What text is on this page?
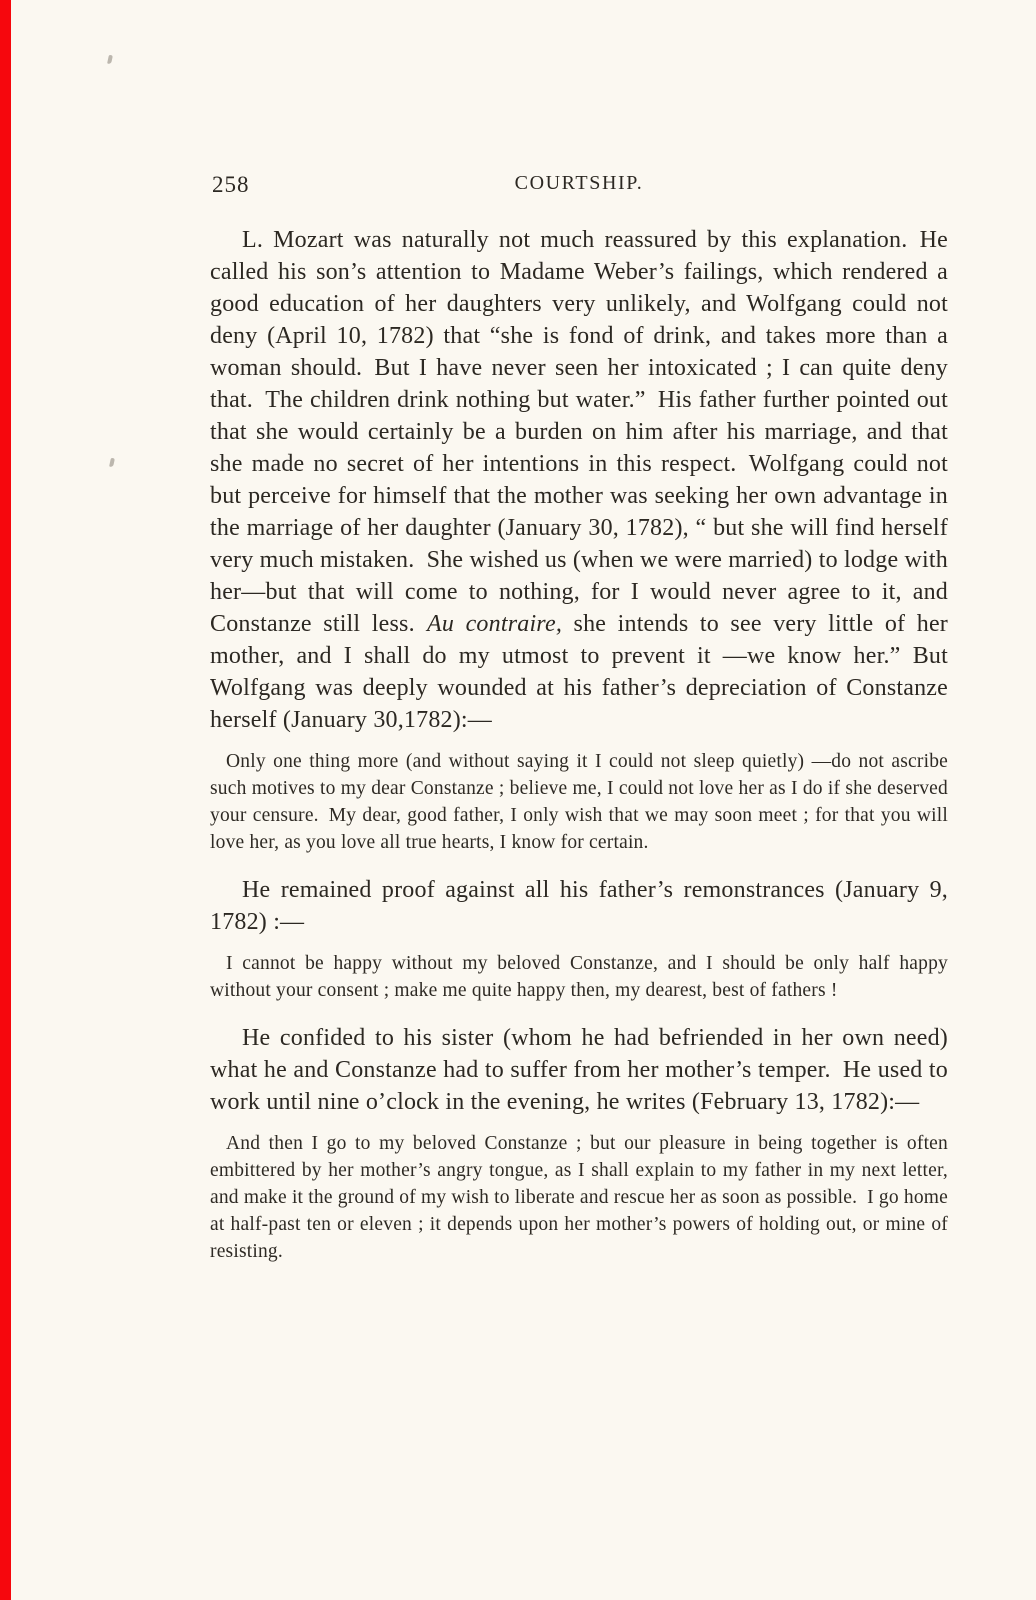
258	COURTSHIP.

L. Mozart was naturally not much reassured by this explanation. He called his son’s attention to Madame Weber’s failings, which rendered a good education of her daughters very unlikely, and Wolfgang could not deny (April 10, 1782) that “she is fond of drink, and takes more than a woman should. But I have never seen her intoxicated ; I can quite deny that. The children drink nothing but water.” His father further pointed out that she would certainly be a burden on him after his marriage, and that she made no secret of her intentions in this respect. Wolfgang could not but perceive for himself that the mother was seeking her own advantage in the marriage of her daughter (January 30, 1782), “ but she will find herself very much mistaken. She wished us (when we were married) to lodge with her—but that will come to nothing, for I would never agree to it, and Constanze still less. Au contraire, she intends to see very little of her mother, and I shall do my utmost to prevent it —we know her.” But Wolfgang was deeply wounded at his father’s depreciation of Constanze herself (January 30,1782):—

Only one thing more (and without saying it I could not sleep quietly) —do not ascribe such motives to my dear Constanze ; believe me, I could not love her as I do if she deserved your censure. My dear, good father, I only wish that we may soon meet ; for that you will love her, as you love all true hearts, I know for certain.

He remained proof against all his father’s remonstrances (January 9, 1782) :—

I cannot be happy without my beloved Constanze, and I should be only half happy without your consent ; make me quite happy then, my dearest, best of fathers !

He confided to his sister (whom he had befriended in her own need) what he and Constanze had to suffer from her mother’s temper. He used to work until nine o’clock in the evening, he writes (February 13, 1782):—

And then I go to my beloved Constanze ; but our pleasure in being together is often embittered by her mother’s angry tongue, as I shall explain to my father in my next letter, and make it the ground of my wish to liberate and rescue her as soon as possible. I go home at half-past ten or eleven ; it depends upon her mother’s powers of holding out, or mine of resisting.
